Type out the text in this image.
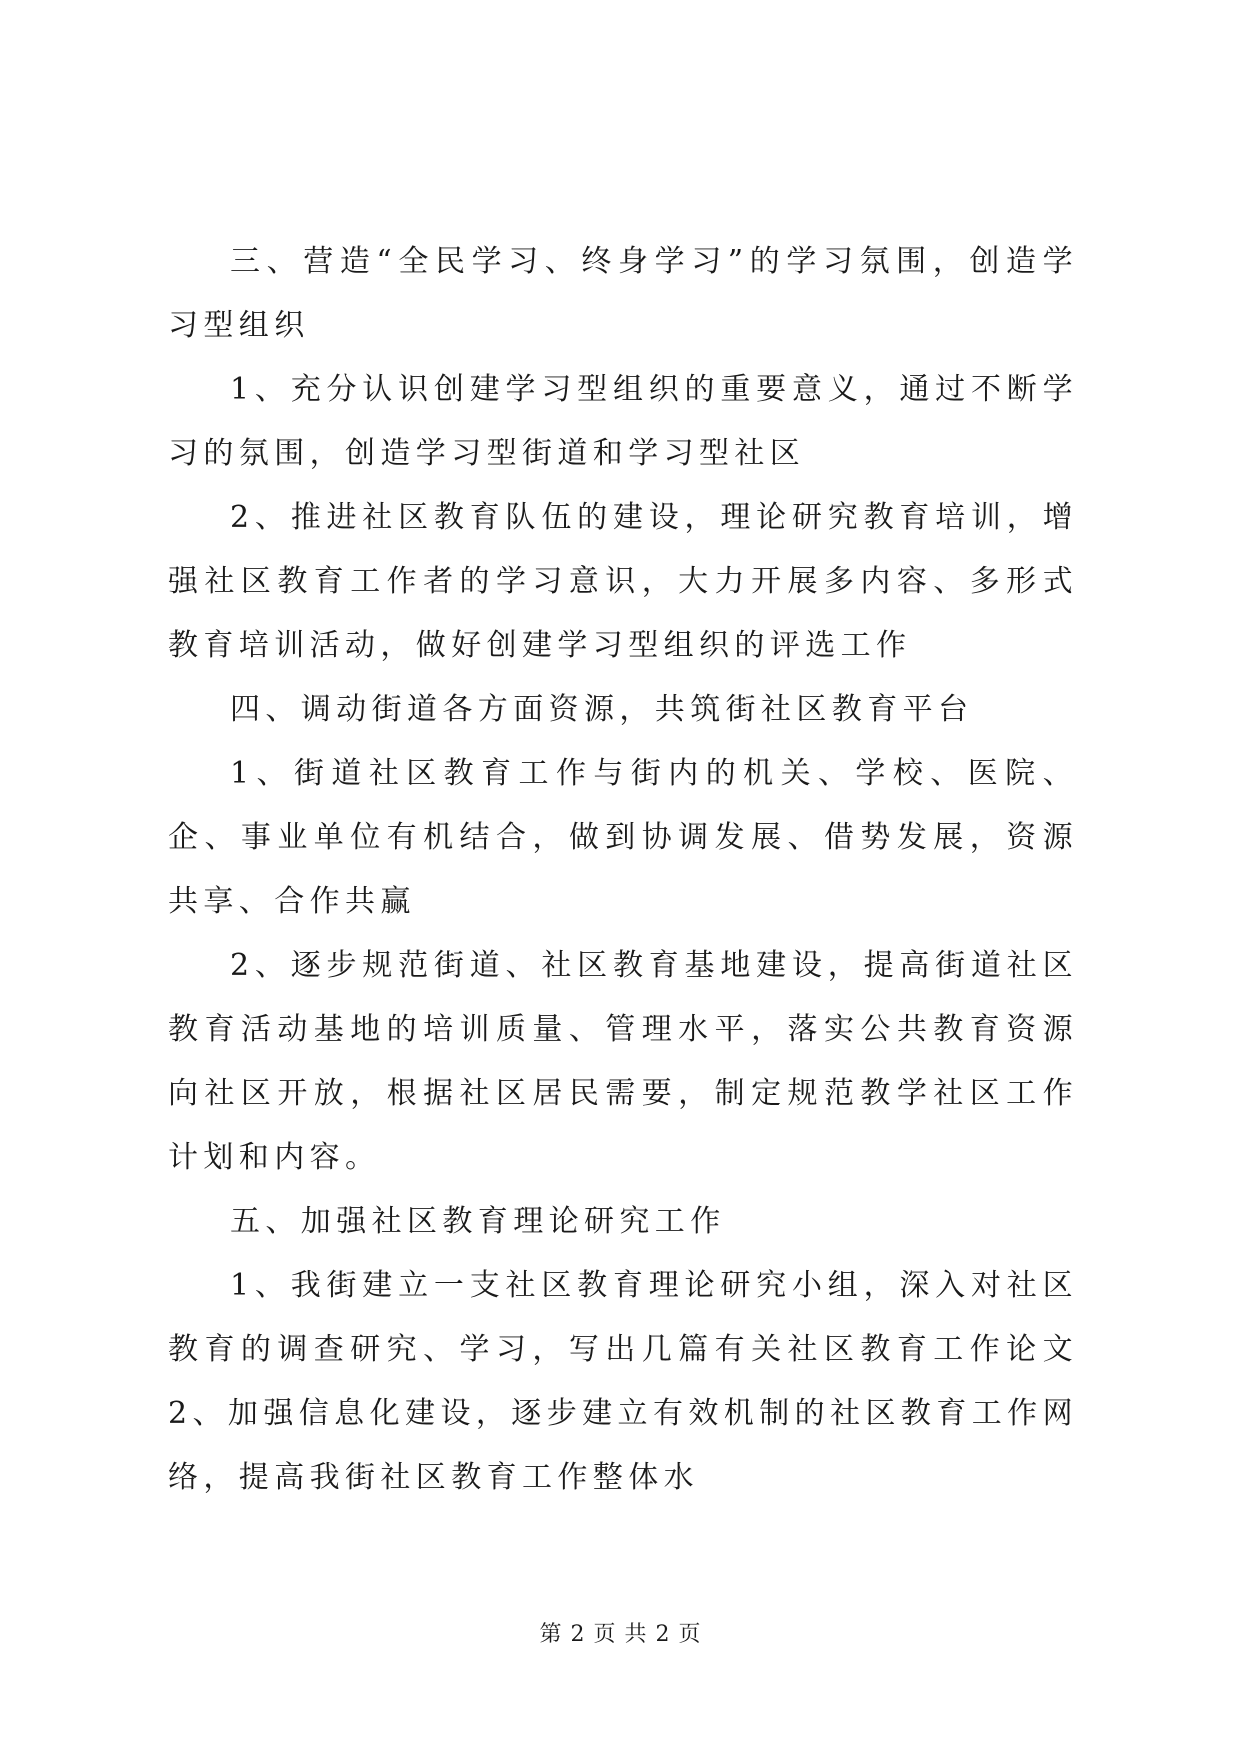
三、营造“全民学习、终身学习”的学习氛围，创造学习型组织

1、充分认识创建学习型组织的重要意义，通过不断学习的氛围，创造学习型街道和学习型社区

2、推进社区教育队伍的建设，理论研究教育培训，增强社区教育工作者的学习意识，大力开展多内容、多形式教育培训活动，做好创建学习型组织的评选工作

四、调动街道各方面资源，共筑街社区教育平台

1、街道社区教育工作与街内的机关、学校、医院、企、事业单位有机结合，做到协调发展、借势发展，资源共享、合作共赢

2、逐步规范街道、社区教育基地建设，提高街道社区教育活动基地的培训质量、管理水平，落实公共教育资源向社区开放，根据社区居民需要，制定规范教学社区工作计划和内容。

五、加强社区教育理论研究工作

1、我街建立一支社区教育理论研究小组，深入对社区教育的调查研究、学习，写出几篇有关社区教育工作论文2、加强信息化建设，逐步建立有效机制的社区教育工作网络，提高我街社区教育工作整体水

第 2 页 共 2 页
